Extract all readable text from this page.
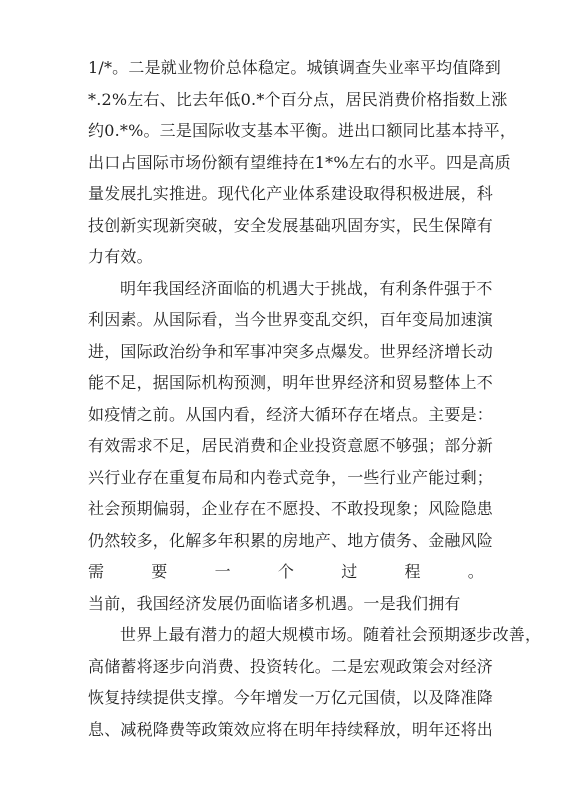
1/*。二是就业物价总体稳定。城镇调查失业率平均值降到
*.2%左右、比去年低0.*个百分点，居民消费价格指数上涨
约0.*%。三是国际收支基本平衡。进出口额同比基本持平，
出口占国际市场份额有望维持在1*%左右的水平。四是高质
量发展扎实推进。现代化产业体系建设取得积极进展，科
技创新实现新突破，安全发展基础巩固夯实，民生保障有
力有效。
明年我国经济面临的机遇大于挑战，有利条件强于不
利因素。从国际看，当今世界变乱交织，百年变局加速演
进，国际政治纷争和军事冲突多点爆发。世界经济增长动
能不足，据国际机构预测，明年世界经济和贸易整体上不
如疫情之前。从国内看，经济大循环存在堵点。主要是：
有效需求不足，居民消费和企业投资意愿不够强；部分新
兴行业存在重复布局和内卷式竞争，一些行业产能过剩；
社会预期偏弱，企业存在不愿投、不敢投现象；风险隐患
仍然较多，化解多年积累的房地产、地方债务、金融风险
需要一个过程。
当前，我国经济发展仍面临诸多机遇。一是我们拥有
世界上最有潜力的超大规模市场。随着社会预期逐步改善，
高储蓄将逐步向消费、投资转化。二是宏观政策会对经济
恢复持续提供支撑。今年增发一万亿元国债，以及降准降
息、减税降费等政策效应将在明年持续释放，明年还将出
